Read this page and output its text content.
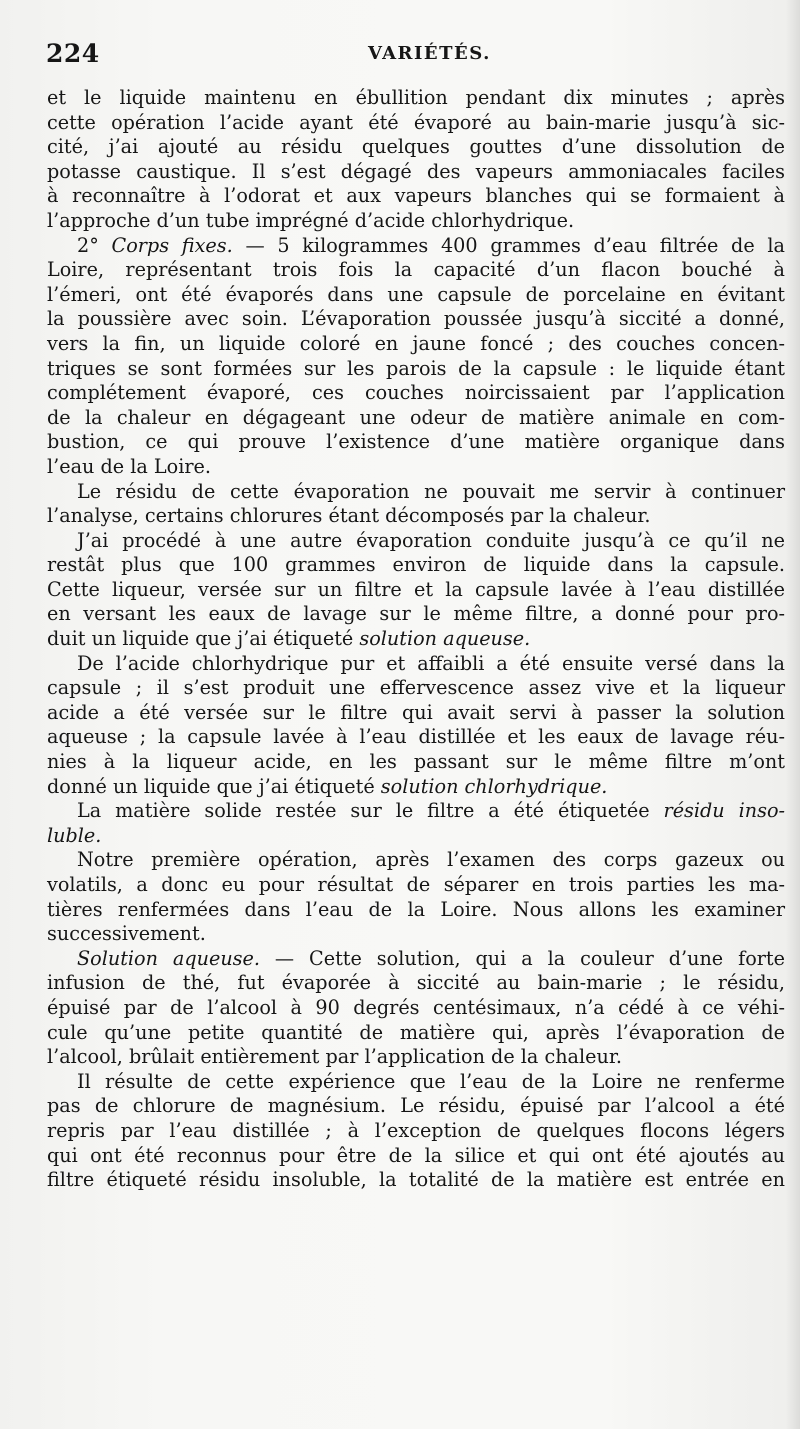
224	VARIÉTÉS.
et le liquide maintenu en ébullition pendant dix minutes ; après
cette opération l’acide ayant été évaporé au bain-marie jusqu’à sic-
cité, j’ai ajouté au résidu quelques gouttes d’une dissolution de
potasse caustique. Il s’est dégagé des vapeurs ammoniacales faciles
à reconnaître à l’odorat et aux vapeurs blanches qui se formaient à
l’approche d’un tube imprégné d’acide chlorhydrique.
2° Corps fixes. — 5 kilogrammes 400 grammes d’eau filtrée de la
Loire, représentant trois fois la capacité d’un flacon bouché à
l’émeri, ont été évaporés dans une capsule de porcelaine en évitant
la poussière avec soin. L’évaporation poussée jusqu’à siccité a donné,
vers la fin, un liquide coloré en jaune foncé ; des couches concen-
triques se sont formées sur les parois de la capsule : le liquide étant
complétement évaporé, ces couches noircissaient par l’application
de la chaleur en dégageant une odeur de matière animale en com-
bustion, ce qui prouve l’existence d’une matière organique dans
l’eau de la Loire.
Le résidu de cette évaporation ne pouvait me servir à continuer
l’analyse, certains chlorures étant décomposés par la chaleur.
J’ai procédé à une autre évaporation conduite jusqu’à ce qu’il ne
restât plus que 100 grammes environ de liquide dans la capsule.
Cette liqueur, versée sur un filtre et la capsule lavée à l’eau distillée
en versant les eaux de lavage sur le même filtre, a donné pour pro-
duit un liquide que j’ai étiqueté solution aqueuse.
De l’acide chlorhydrique pur et affaibli a été ensuite versé dans la
capsule ; il s’est produit une effervescence assez vive et la liqueur
acide a été versée sur le filtre qui avait servi à passer la solution
aqueuse ; la capsule lavée à l’eau distillée et les eaux de lavage réu-
nies à la liqueur acide, en les passant sur le même filtre m’ont
donné un liquide que j’ai étiqueté solution chlorhydrique.
La matière solide restée sur le filtre a été étiquetée résidu inso-
luble.
Notre première opération, après l’examen des corps gazeux ou
volatils, a donc eu pour résultat de séparer en trois parties les ma-
tières renfermées dans l’eau de la Loire. Nous allons les examiner
successivement.
Solution aqueuse. — Cette solution, qui a la couleur d’une forte
infusion de thé, fut évaporée à siccité au bain-marie ; le résidu,
épuisé par de l’alcool à 90 degrés centésimaux, n’a cédé à ce véhi-
cule qu’une petite quantité de matière qui, après l’évaporation de
l’alcool, brûlait entièrement par l’application de la chaleur.
Il résulte de cette expérience que l’eau de la Loire ne renferme
pas de chlorure de magnésium. Le résidu, épuisé par l’alcool a été
repris par l’eau distillée ; à l’exception de quelques flocons légers
qui ont été reconnus pour être de la silice et qui ont été ajoutés au
filtre étiqueté résidu insoluble, la totalité de la matière est entrée en
